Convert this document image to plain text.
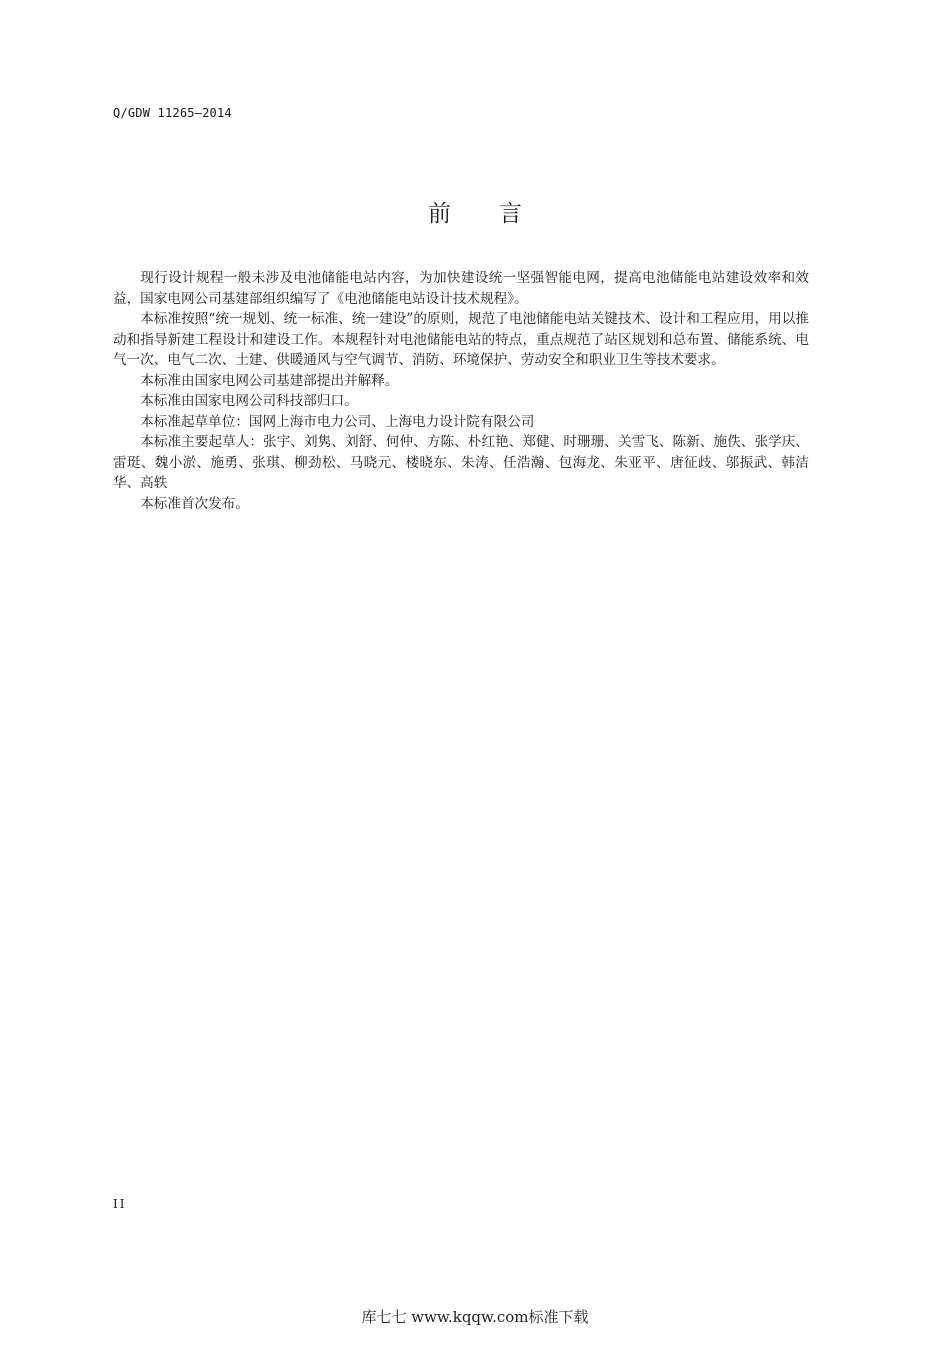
Q/GDW 11265—2014
前言

现行设计规程一般未涉及电池储能电站内容，为加快建设统一坚强智能电网，提高电池储能电站建设效率和效益，国家电网公司基建部组织编写了《电池储能电站设计技术规程》。

本标准按照“统一规划、统一标准、统一建设”的原则，规范了电池储能电站关键技术、设计和工程应用，用以推动和指导新建工程设计和建设工作。本规程针对电池储能电站的特点，重点规范了站区规划和总布置、储能系统、电气一次、电气二次、土建、供暖通风与空气调节、消防、环境保护、劳动安全和职业卫生等技术要求。

本标准由国家电网公司基建部提出并解释。

本标准由国家电网公司科技部归口。

本标准起草单位：国网上海市电力公司、上海电力设计院有限公司

本标准主要起草人：张宇、刘隽、刘舒、何仲、方陈、朴红艳、郑健、时珊珊、关雪飞、陈新、施佚、张学庆、雷珽、魏小淤、施勇、张琪、柳劲松、马晓元、楼晓东、朱涛、任浩瀚、包海龙、朱亚平、唐征歧、邬振武、韩洁华、高轶

本标准首次发布。

II
库七七 www.kqqw.com标准下载
